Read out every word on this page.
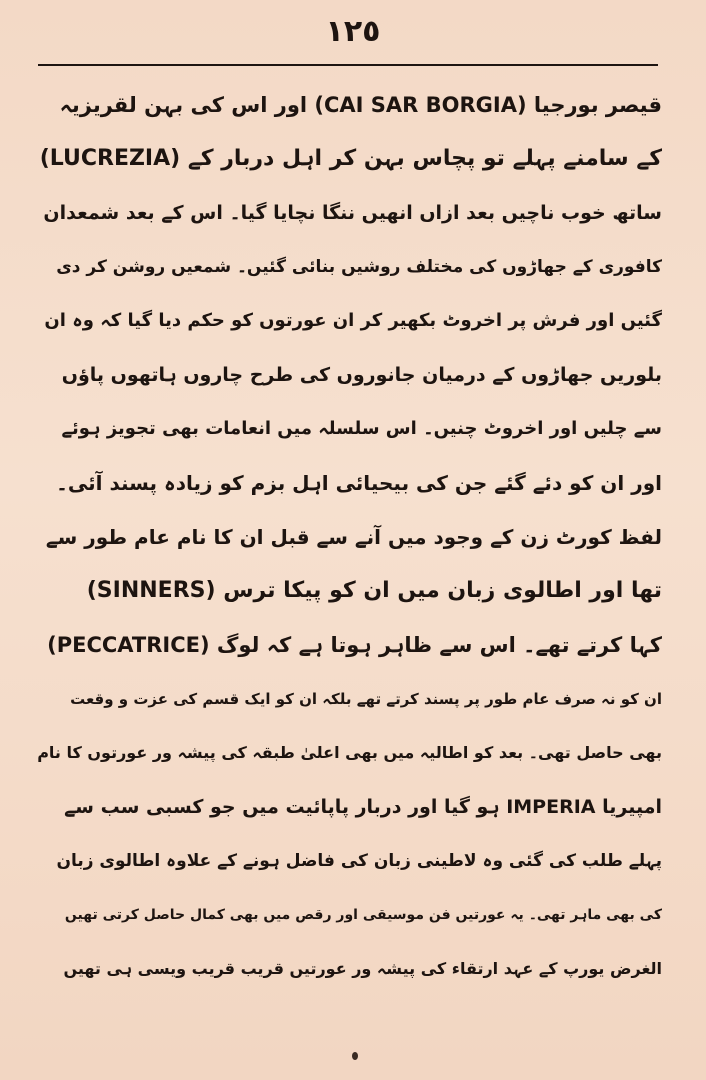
١٢٥
قیصر بورجیا (CAI SAR BORGIA) اور اس کی بہن لقریزیہ
(LUCREZIA) کے سامنے پہلے تو پچاس بہن کر اہل دربار کے
ساتھ خوب ناچیں بعد ازاں انھیں ننگا نچایا گیا۔ اس کے بعد شمعدان
کافوری کے جھاڑوں کی مختلف روشیں بنائی گئیں۔ شمعیں روشن کر دی
گئیں اور فرش پر اخروٹ بکھیر کر ان عورتوں کو حکم دیا گیا کہ وہ ان
بلوریں جھاڑوں کے درمیان جانوروں کی طرح چاروں ہاتھوں پاؤں
سے چلیں اور اخروٹ چنیں۔ اس سلسلہ میں انعامات بھی تجویز ہوئے
اور ان کو دئے گئے جن کی بیحیائی اہل بزم کو زیادہ پسند آئی۔
لفظ کورٹ زن کے وجود میں آنے سے قبل ان کا نام عام طور سے
(SINNERS) تھا اور اطالوی زبان میں ان کو پیکا ترس
(PECCATRICE) کہا کرتے تھے۔ اس سے ظاہر ہوتا ہے کہ لوگ
ان کو نہ صرف عام طور پر پسند کرتے تھے بلکہ ان کو ایک قسم کی عزت و وقعت
بھی حاصل تھی۔ بعد کو اطالیہ میں بھی اعلیٰ طبقہ کی پیشہ ور عورتوں کا نام
امپیریا IMPERIA ہو گیا اور دربار پاپائیت میں جو کسبی سب سے
پہلے طلب کی گئی وہ لاطینی زبان کی فاضل ہونے کے علاوہ اطالوی زبان
کی بھی ماہر تھی۔ یہ عورتیں فن موسیقی اور رقص میں بھی کمال حاصل کرتی تھیں
الغرض یورپ کے عہد ارتقاء کی پیشہ ور عورتیں قریب قریب ویسی ہی تھیں
